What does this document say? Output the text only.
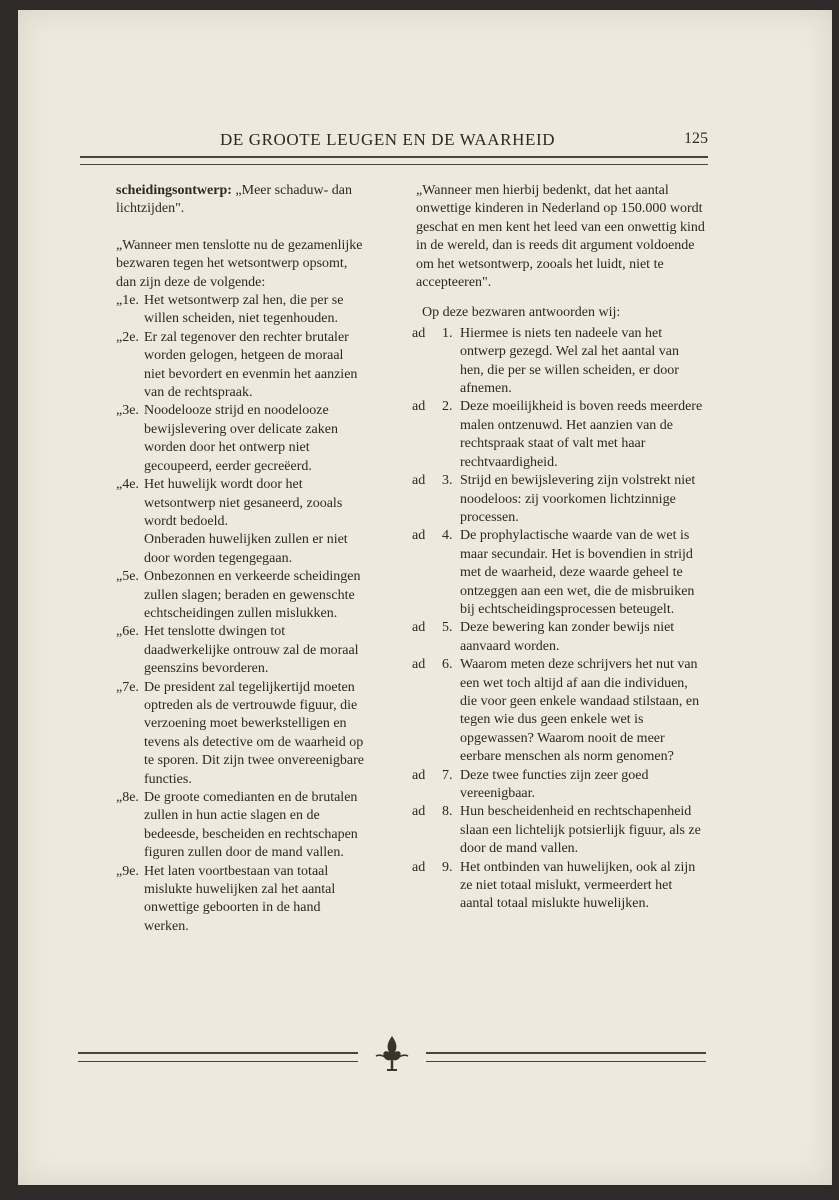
DE GROOTE LEUGEN EN DE WAARHEID	125

scheidingsontwerp: „Meer schaduw- dan lichtzijden".

„Wanneer men tenslotte nu de gezamenlijke bezwaren tegen het wetsontwerp opsomt, dan zijn deze de volgende:

„1e. Het wetsontwerp zal hen, die per se willen scheiden, niet tegenhouden.
„2e. Er zal tegenover den rechter brutaler worden gelogen, hetgeen de moraal niet bevordert en evenmin het aanzien van de rechtspraak.
„3e. Noodelooze strijd en noodelooze bewijslevering over delicate zaken worden door het ontwerp niet gecoupeerd, eerder gecreëerd.
„4e. Het huwelijk wordt door het wetsontwerp niet gesaneerd, zooals wordt bedoeld.
Onberaden huwelijken zullen er niet door worden tegengegaan.
„5e. Onbezonnen en verkeerde scheidingen zullen slagen; beraden en gewenschte echtscheidingen zullen mislukken.
„6e. Het tenslotte dwingen tot daadwerkelijke ontrouw zal de moraal geenszins bevorderen.
„7e. De president zal tegelijkertijd moeten optreden als de vertrouwde figuur, die verzoening moet bewerkstelligen en tevens als detective om de waarheid op te sporen. Dit zijn twee onvereenigbare functies.
„8e. De groote comedianten en de brutalen zullen in hun actie slagen en de bedeesde, bescheiden en rechtschapen figuren zullen door de mand vallen.
„9e. Het laten voortbestaan van totaal mislukte huwelijken zal het aantal onwettige geboorten in de hand werken.

„Wanneer men hierbij bedenkt, dat het aantal onwettige kinderen in Nederland op 150.000 wordt geschat en men kent het leed van een onwettig kind in de wereld, dan is reeds dit argument voldoende om het wetsontwerp, zooals het luidt, niet te accepteeren".

Op deze bezwaren antwoorden wij:

ad	1. Hiermee is niets ten nadeele van het ontwerp gezegd. Wel zal het aantal van hen, die per se willen scheiden, er door afnemen.
ad	2. Deze moeilijkheid is boven reeds meerdere malen ontzenuwd. Het aanzien van de rechtspraak staat of valt met haar rechtvaardigheid.
ad	3. Strijd en bewijslevering zijn volstrekt niet noodeloos: zij voorkomen lichtzinnige processen.
ad	4. De prophylactische waarde van de wet is maar secundair. Het is bovendien in strijd met de waarheid, deze waarde geheel te ontzeggen aan een wet, die de misbruiken bij echtscheidingsprocessen beteugelt.
ad	5. Deze bewering kan zonder bewijs niet aanvaard worden.
ad	6. Waarom meten deze schrijvers het nut van een wet toch altijd af aan die individuen, die voor geen enkele wandaad stilstaan, en tegen wie dus geen enkele wet is opgewassen? Waarom nooit de meer eerbare menschen als norm genomen?
ad	7. Deze twee functies zijn zeer goed vereenigbaar.
ad	8. Hun bescheidenheid en rechtschapenheid slaan een lichtelijk potsierlijk figuur, als ze door de mand vallen.
ad	9. Het ontbinden van huwelijken, ook al zijn ze niet totaal mislukt, vermeerdert het aantal totaal mislukte huwelijken.
